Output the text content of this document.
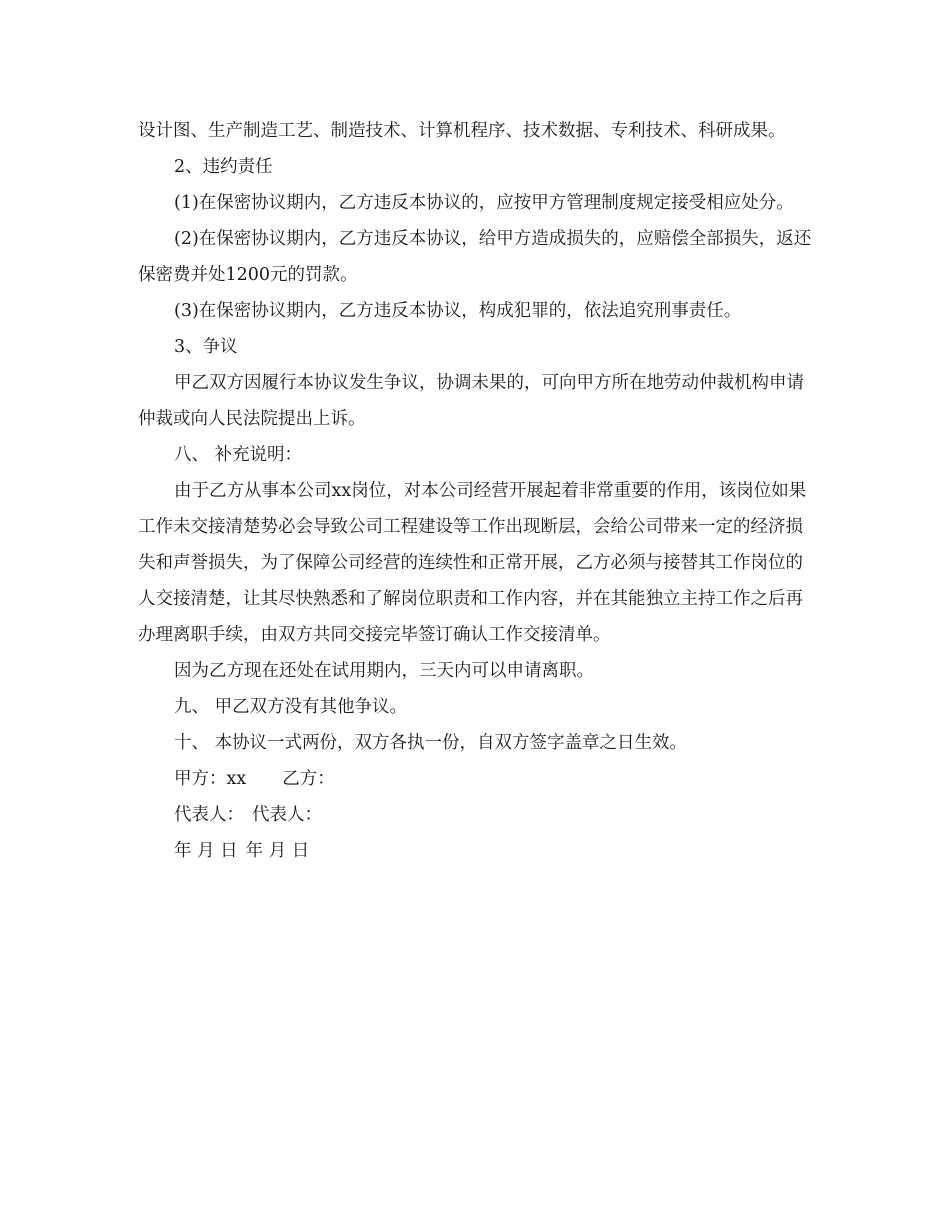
设计图、生产制造工艺、制造技术、计算机程序、技术数据、专利技术、科研成果。

2、违约责任

(1)在保密协议期内，乙方违反本协议的，应按甲方管理制度规定接受相应处分。

(2)在保密协议期内，乙方违反本协议，给甲方造成损失的，应赔偿全部损失，返还保密费并处1200元的罚款。

(3)在保密协议期内，乙方违反本协议，构成犯罪的，依法追究刑事责任。

3、争议

甲乙双方因履行本协议发生争议，协调未果的，可向甲方所在地劳动仲裁机构申请仲裁或向人民法院提出上诉。

八、 补充说明：

由于乙方从事本公司xx岗位，对本公司经营开展起着非常重要的作用，该岗位如果工作未交接清楚势必会导致公司工程建设等工作出现断层，会给公司带来一定的经济损失和声誉损失，为了保障公司经营的连续性和正常开展，乙方必须与接替其工作岗位的人交接清楚，让其尽快熟悉和了解岗位职责和工作内容，并在其能独立主持工作之后再办理离职手续，由双方共同交接完毕签订确认工作交接清单。

因为乙方现在还处在试用期内，三天内可以申请离职。

九、 甲乙双方没有其他争议。

十、 本协议一式两份，双方各执一份，自双方签字盖章之日生效。

甲方：xx 乙方：
代表人： 代表人：
年 月 日 年 月 日
